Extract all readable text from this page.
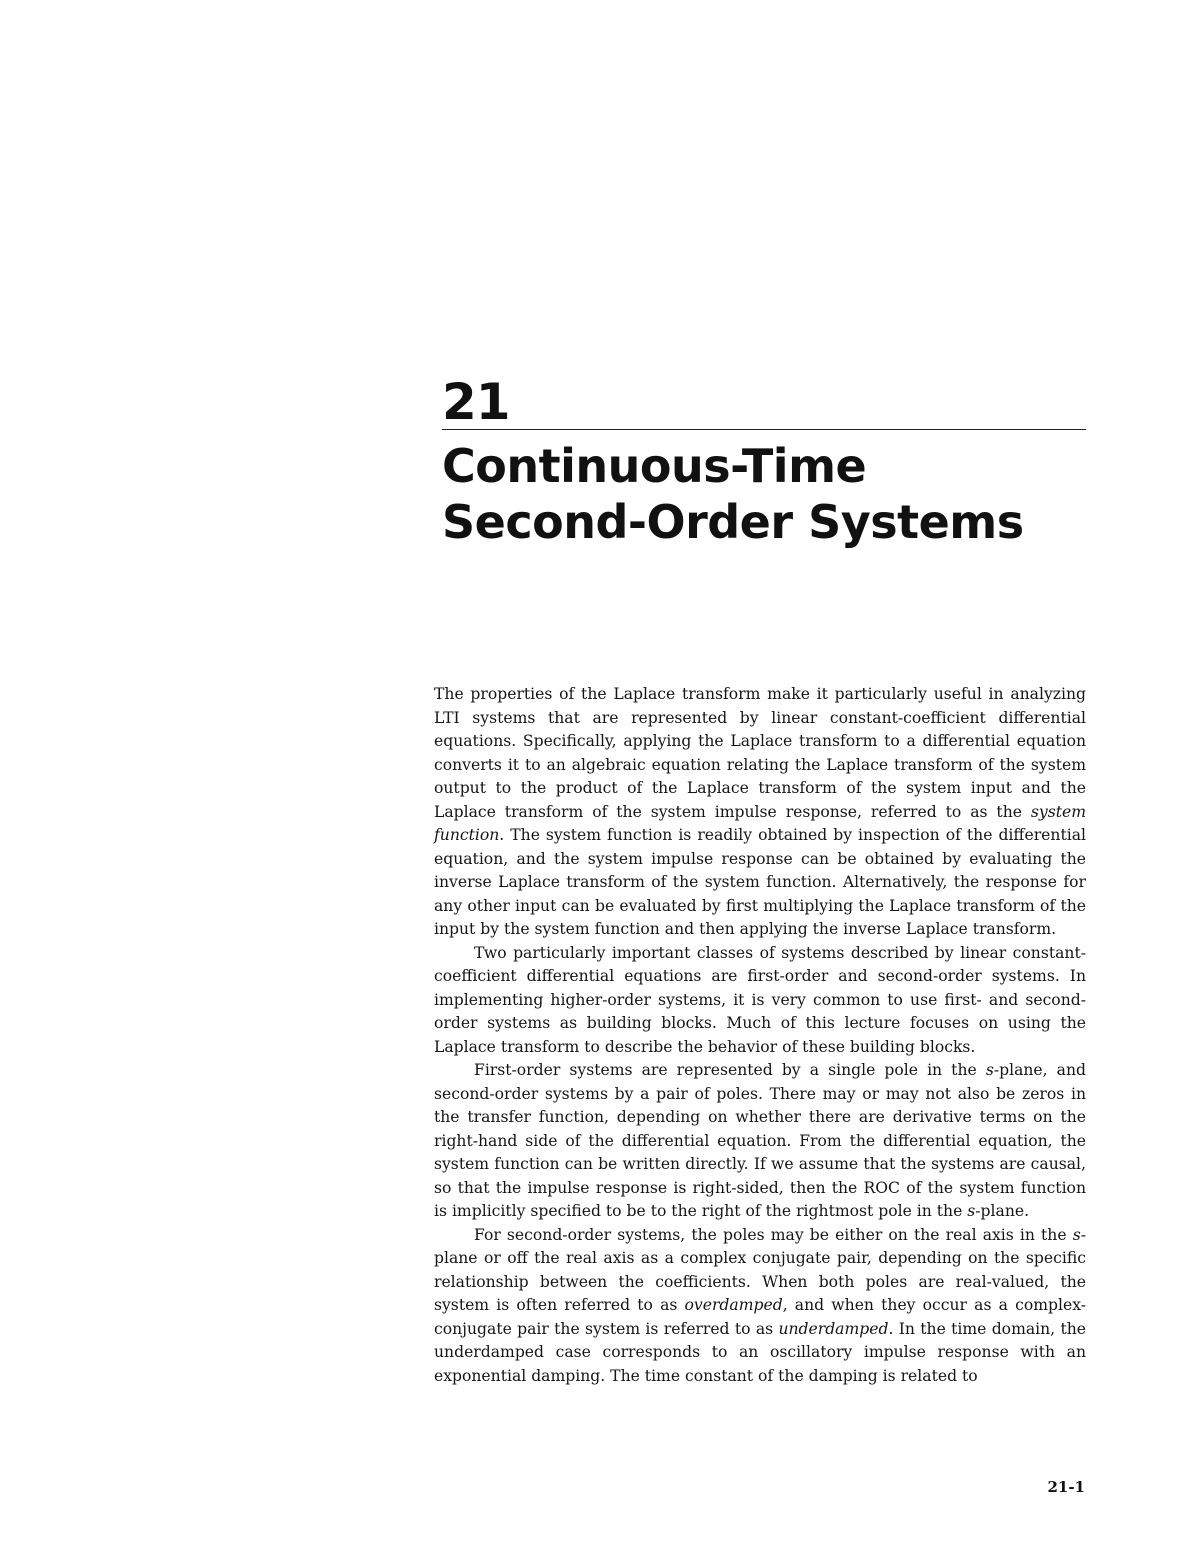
21
Continuous-Time
Second-Order Systems

The properties of the Laplace transform make it particularly useful in analyzing LTI systems that are represented by linear constant-coefficient differential equations. Specifically, applying the Laplace transform to a differential equation converts it to an algebraic equation relating the Laplace transform of the system output to the product of the Laplace transform of the system input and the Laplace transform of the system impulse response, referred to as the system function. The system function is readily obtained by inspection of the differential equation, and the system impulse response can be obtained by evaluating the inverse Laplace transform of the system function. Alternatively, the response for any other input can be evaluated by first multiplying the Laplace transform of the input by the system function and then applying the inverse Laplace transform.

Two particularly important classes of systems described by linear constant-coefficient differential equations are first-order and second-order systems. In implementing higher-order systems, it is very common to use first- and second-order systems as building blocks. Much of this lecture focuses on using the Laplace transform to describe the behavior of these building blocks.

First-order systems are represented by a single pole in the s-plane, and second-order systems by a pair of poles. There may or may not also be zeros in the transfer function, depending on whether there are derivative terms on the right-hand side of the differential equation. From the differential equation, the system function can be written directly. If we assume that the systems are causal, so that the impulse response is right-sided, then the ROC of the system function is implicitly specified to be to the right of the rightmost pole in the s-plane.

For second-order systems, the poles may be either on the real axis in the s-plane or off the real axis as a complex conjugate pair, depending on the specific relationship between the coefficients. When both poles are real-valued, the system is often referred to as overdamped, and when they occur as a complex-conjugate pair the system is referred to as underdamped. In the time domain, the underdamped case corresponds to an oscillatory impulse response with an exponential damping. The time constant of the damping is related to

21-1
